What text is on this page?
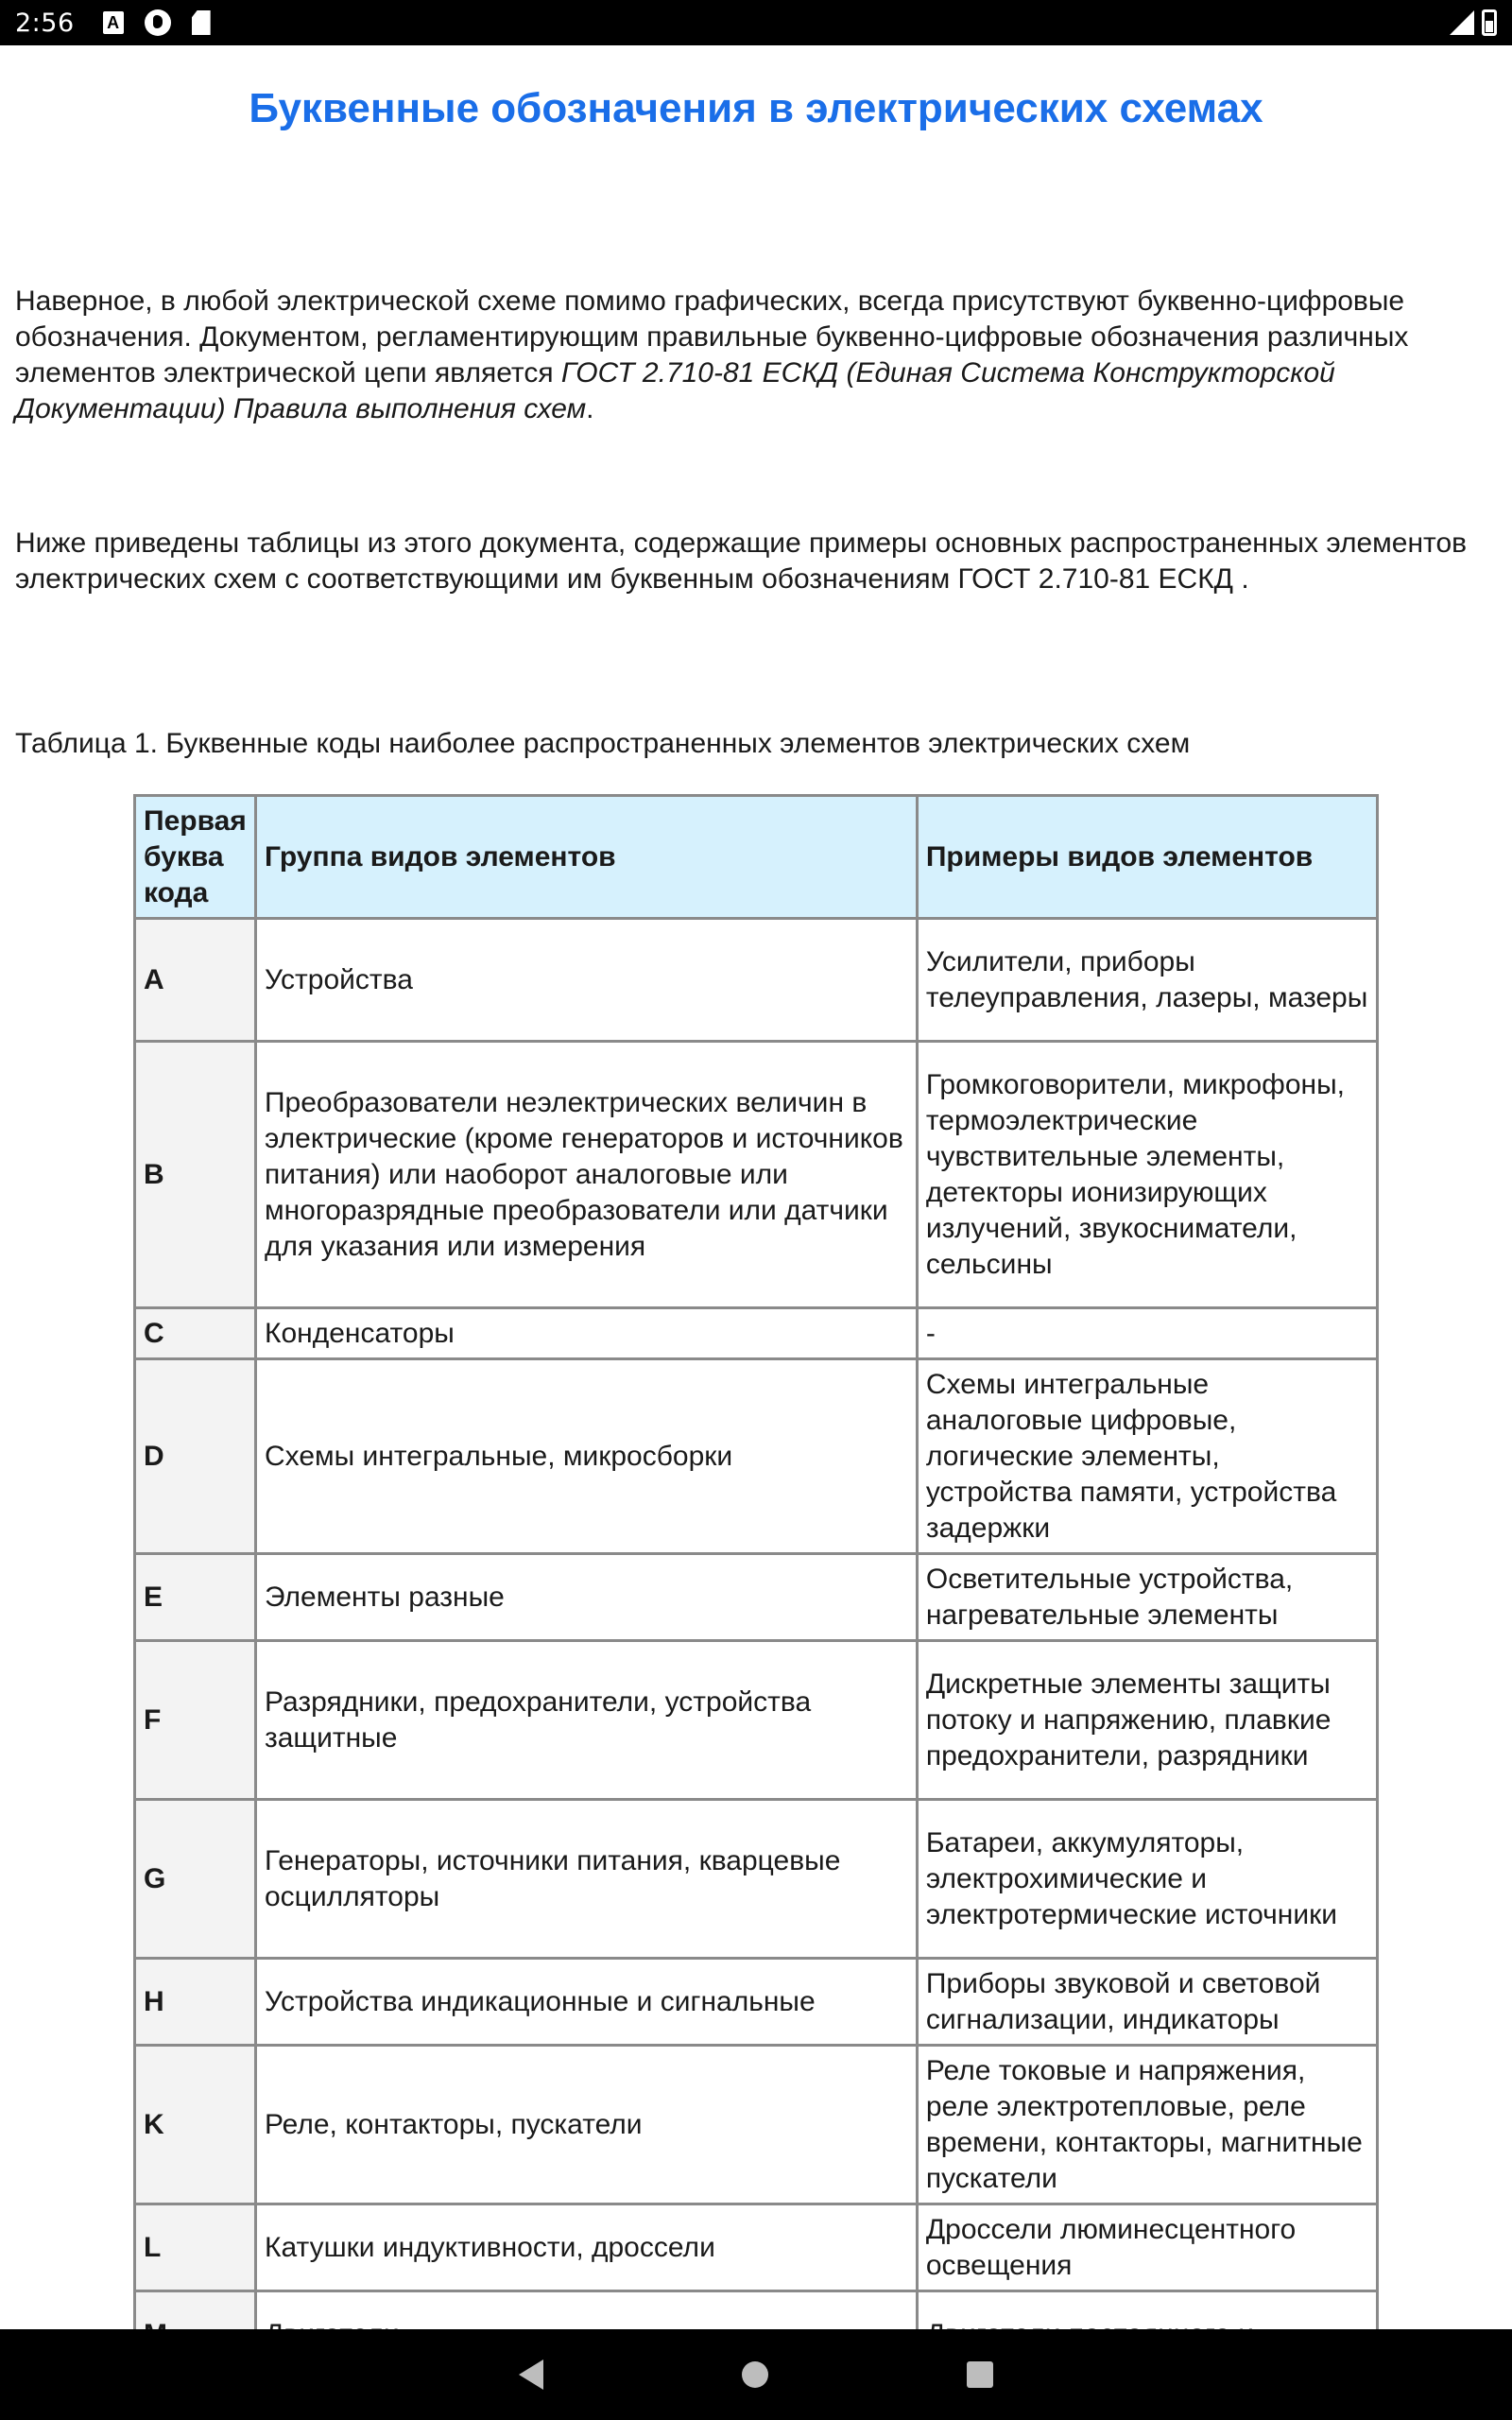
2:56 A
Буквенные обозначения в электрических схемах

Наверное, в любой электрической схеме помимо графических, всегда присутствуют буквенно-цифровые обозначения. Документом, регламентирующим правильные буквенно-цифровые обозначения различных элементов электрической цепи является ГОСТ 2.710-81 ЕСКД (Единая Система Конструкторской Документации) Правила выполнения схем.

Ниже приведены таблицы из этого документа, содержащие примеры основных распространенных элементов электрических схем с соответствующими им буквенным обозначениям ГОСТ 2.710-81 ЕСКД .

Таблица 1. Буквенные коды наиболее распространенных элементов электрических схем

Первая буква кода	Группа видов элементов	Примеры видов элементов
A	Устройства	Усилители, приборы телеуправления, лазеры, мазеры
B	Преобразователи неэлектрических величин в электрические (кроме генераторов и источников питания) или наоборот аналоговые или многоразрядные преобразователи или датчики для указания или измерения	Громкоговорители, микрофоны, термоэлектрические чувствительные элементы, детекторы ионизирующих излучений, звукосниматели, сельсины
C	Конденсаторы	-
D	Схемы интегральные, микросборки	Схемы интегральные аналоговые цифровые, логические элементы, устройства памяти, устройства задержки
E	Элементы разные	Осветительные устройства, нагревательные элементы
F	Разрядники, предохранители, устройства защитные	Дискретные элементы защиты потоку и напряжению, плавкие предохранители, разрядники
G	Генераторы, источники питания, кварцевые осцилляторы	Батареи, аккумуляторы, электрохимические и электротермические источники
H	Устройства индикационные и сигнальные	Приборы звуковой и световой сигнализации, индикаторы
K	Реле, контакторы, пускатели	Реле токовые и напряжения, реле электротепловые, реле времени, контакторы, магнитные пускатели
L	Катушки индуктивности, дроссели	Дроссели люминесцентного освещения
